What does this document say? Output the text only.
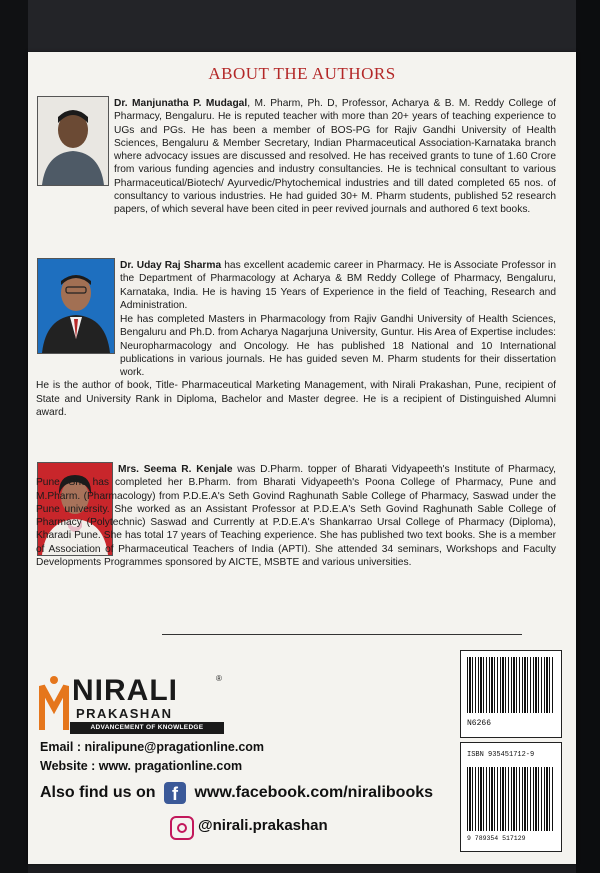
ABOUT THE AUTHORS

Dr. Manjunatha P. Mudagal, M. Pharm, Ph. D, Professor, Acharya & B. M. Reddy College of Pharmacy, Bengaluru. He is reputed teacher with more than 20+ years of teaching experience to UGs and PGs. He has been a member of BOS-PG for Rajiv Gandhi University of Health Sciences, Bengaluru & Member Secretary, Indian Pharmaceutical Association-Karnataka branch where advocacy issues are discussed and resolved. He has received grants to tune of 1.60 Crore from various funding agencies and industry consultancies. He is technical consultant to various Pharmaceutical/Biotech/ Ayurvedic/Phytochemical industries and till dated completed 65 nos. of consultancy to various industries. He had guided 30+ M. Pharm students, published 52 research papers, of which several have been cited in peer revived journals and authored 6 text books.

Dr. Uday Raj Sharma has excellent academic career in Pharmacy. He is Associate Professor in the Department of Pharmacology at Acharya & BM Reddy College of Pharmacy, Bengaluru, Karnataka, India. He is having 15 Years of Experience in the field of Teaching, Research and Administration.

He has completed Masters in Pharmacology from Rajiv Gandhi University of Health Sciences, Bengaluru and Ph.D. from Acharya Nagarjuna University, Guntur. His Area of Expertise includes: Neuropharmacology and Oncology. He has published 18 National and 10 International publications in various journals. He has guided seven M. Pharm students for their dissertation work.

He is the author of book, Title- Pharmaceutical Marketing Management, with Nirali Prakashan, Pune, recipient of State and University Rank in Diploma, Bachelor and Master degree. He is a recipient of Distinguished Alumni award.

Mrs. Seema R. Kenjale was D.Pharm. topper of Bharati Vidyapeeth's Institute of Pharmacy, Pune. She has completed her B.Pharm. from Bharati Vidyapeeth's Poona College of Pharmacy, Pune and M.Pharm. (Pharmacology) from P.D.E.A's Seth Govind Raghunath Sable College of Pharmacy, Saswad under the Pune university. She worked as an Assistant Professor at P.D.E.A's Seth Govind Raghunath Sable College of Pharmacy (Polytechnic) Saswad and Currently at P.D.E.A's Shankarrao Ursal College of Pharmacy (Diploma), Kharadi Pune. She has total 17 years of Teaching experience. She has published two text books. She is a member of Association of Pharmaceutical Teachers of India (APTI). She attended 34 seminars, Workshops and Faculty Developments Programmes sponsored by AICTE, MSBTE and various universities.

NIRALI	®
PRAKASHAN
ADVANCEMENT OF KNOWLEDGE
Email : niralipune@pragationline.com
Website : www. pragationline.com
Also find us on f www.facebook.com/niralibooks
@nirali.prakashan
N6266
ISBN 935451712-9
9 789354 517129
